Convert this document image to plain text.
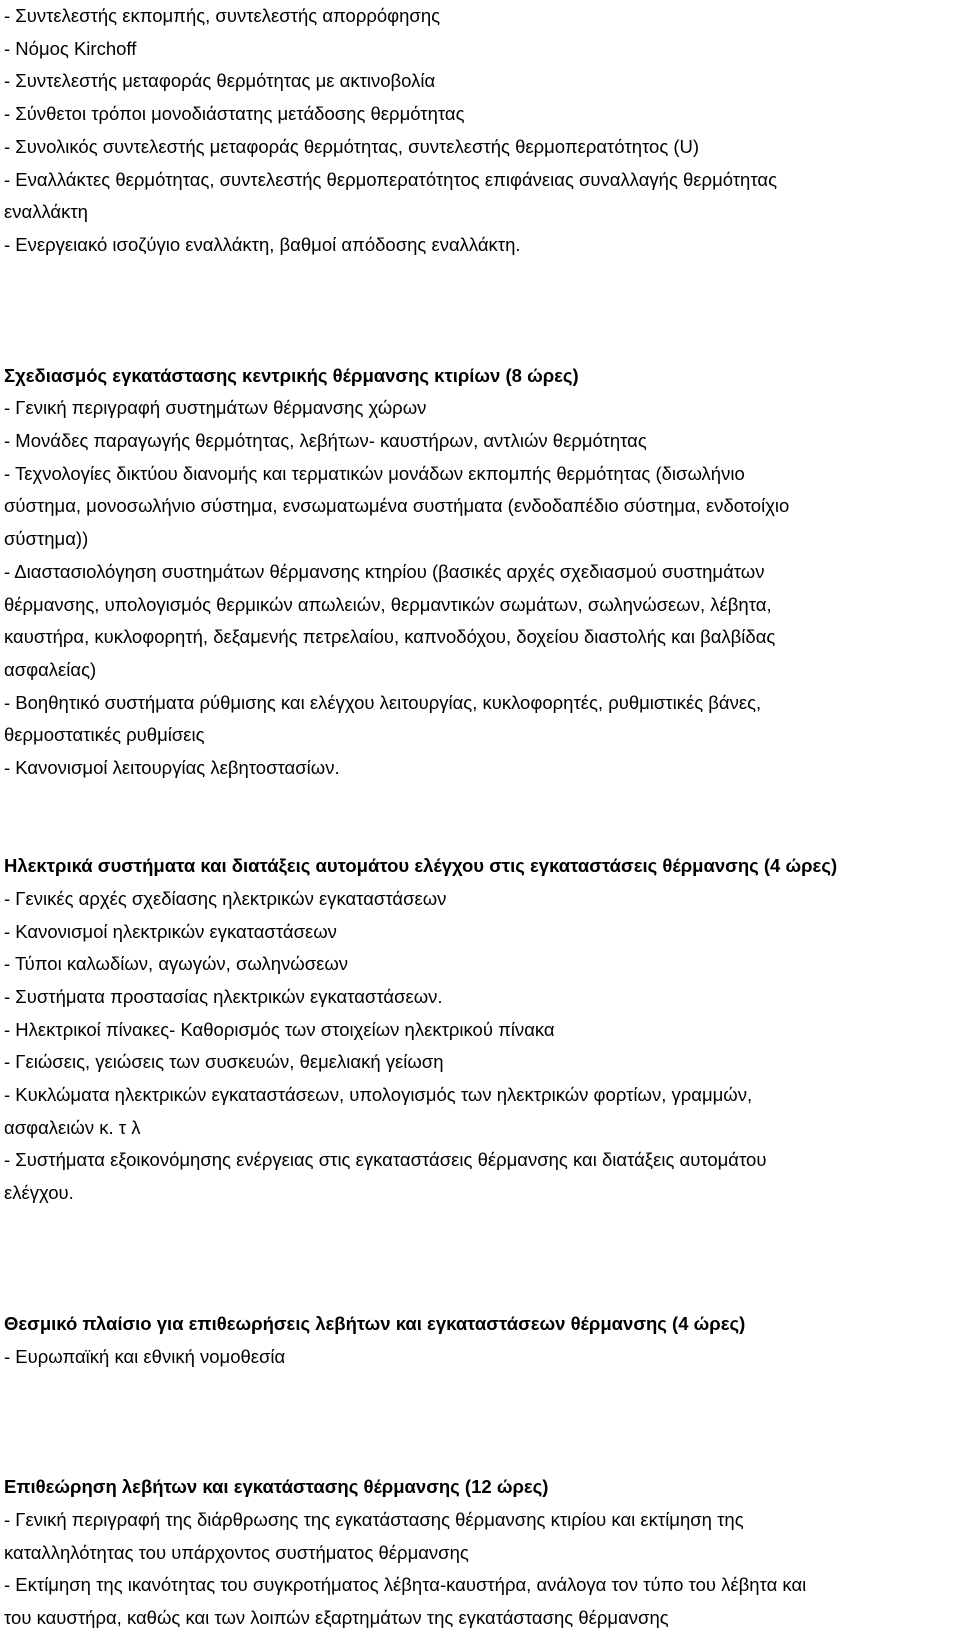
- Συντελεστής εκπομπής, συντελεστής απορρόφησης
- Νόμος Kirchoff
- Συντελεστής μεταφοράς θερμότητας με ακτινοβολία
- Σύνθετοι τρόποι μονοδιάστατης μετάδοσης θερμότητας
- Συνολικός συντελεστής μεταφοράς θερμότητας, συντελεστής θερμοπερατότητος (U)
- Εναλλάκτες θερμότητας, συντελεστής θερμοπερατότητος επιφάνειας συναλλαγής θερμότητας
εναλλάκτη
- Ενεργειακό ισοζύγιο εναλλάκτη, βαθμοί απόδοσης εναλλάκτη.
Σχεδιασμός εγκατάστασης κεντρικής θέρμανσης κτιρίων (8 ώρες)
- Γενική περιγραφή συστημάτων θέρμανσης χώρων
- Μονάδες παραγωγής θερμότητας, λεβήτων- καυστήρων, αντλιών θερμότητας
- Τεχνολογίες δικτύου διανομής και τερματικών μονάδων εκπομπής θερμότητας (δισωλήνιο
σύστημα, μονοσωλήνιο σύστημα, ενσωματωμένα συστήματα (ενδοδαπέδιο σύστημα, ενδοτοίχιο
σύστημα))
- Διαστασιολόγηση συστημάτων θέρμανσης κτηρίου (βασικές αρχές σχεδιασμού συστημάτων
θέρμανσης, υπολογισμός θερμικών απωλειών, θερμαντικών σωμάτων, σωληνώσεων, λέβητα,
καυστήρα, κυκλοφορητή, δεξαμενής πετρελαίου, καπνοδόχου, δοχείου διαστολής και βαλβίδας
ασφαλείας)
- Βοηθητικό συστήματα ρύθμισης και ελέγχου λειτουργίας, κυκλοφορητές, ρυθμιστικές βάνες,
θερμοστατικές ρυθμίσεις
- Κανονισμοί λειτουργίας λεβητοστασίων.
Ηλεκτρικά συστήματα και διατάξεις αυτομάτου ελέγχου στις εγκαταστάσεις θέρμανσης (4 ώρες)
- Γενικές αρχές σχεδίασης ηλεκτρικών εγκαταστάσεων
- Κανονισμοί ηλεκτρικών εγκαταστάσεων
- Τύποι καλωδίων, αγωγών, σωληνώσεων
- Συστήματα προστασίας ηλεκτρικών εγκαταστάσεων.
- Ηλεκτρικοί πίνακες- Καθορισμός των στοιχείων ηλεκτρικού πίνακα
- Γειώσεις, γειώσεις των συσκευών, θεμελιακή γείωση
- Κυκλώματα ηλεκτρικών εγκαταστάσεων, υπολογισμός των ηλεκτρικών φορτίων, γραμμών,
ασφαλειών κ. τ λ
- Συστήματα εξοικονόμησης ενέργειας στις εγκαταστάσεις θέρμανσης και διατάξεις αυτομάτου
ελέγχου.
Θεσμικό πλαίσιο για επιθεωρήσεις λεβήτων και εγκαταστάσεων θέρμανσης (4 ώρες)
- Ευρωπαϊκή και εθνική νομοθεσία
Επιθεώρηση λεβήτων και εγκατάστασης θέρμανσης (12 ώρες)
- Γενική περιγραφή της διάρθρωσης της εγκατάστασης θέρμανσης κτιρίου και εκτίμηση της
καταλληλότητας του υπάρχοντος συστήματος θέρμανσης
- Εκτίμηση της ικανότητας του συγκροτήματος λέβητα-καυστήρα, ανάλογα τον τύπο του λέβητα και
του καυστήρα, καθώς και των λοιπών εξαρτημάτων της εγκατάστασης θέρμανσης
